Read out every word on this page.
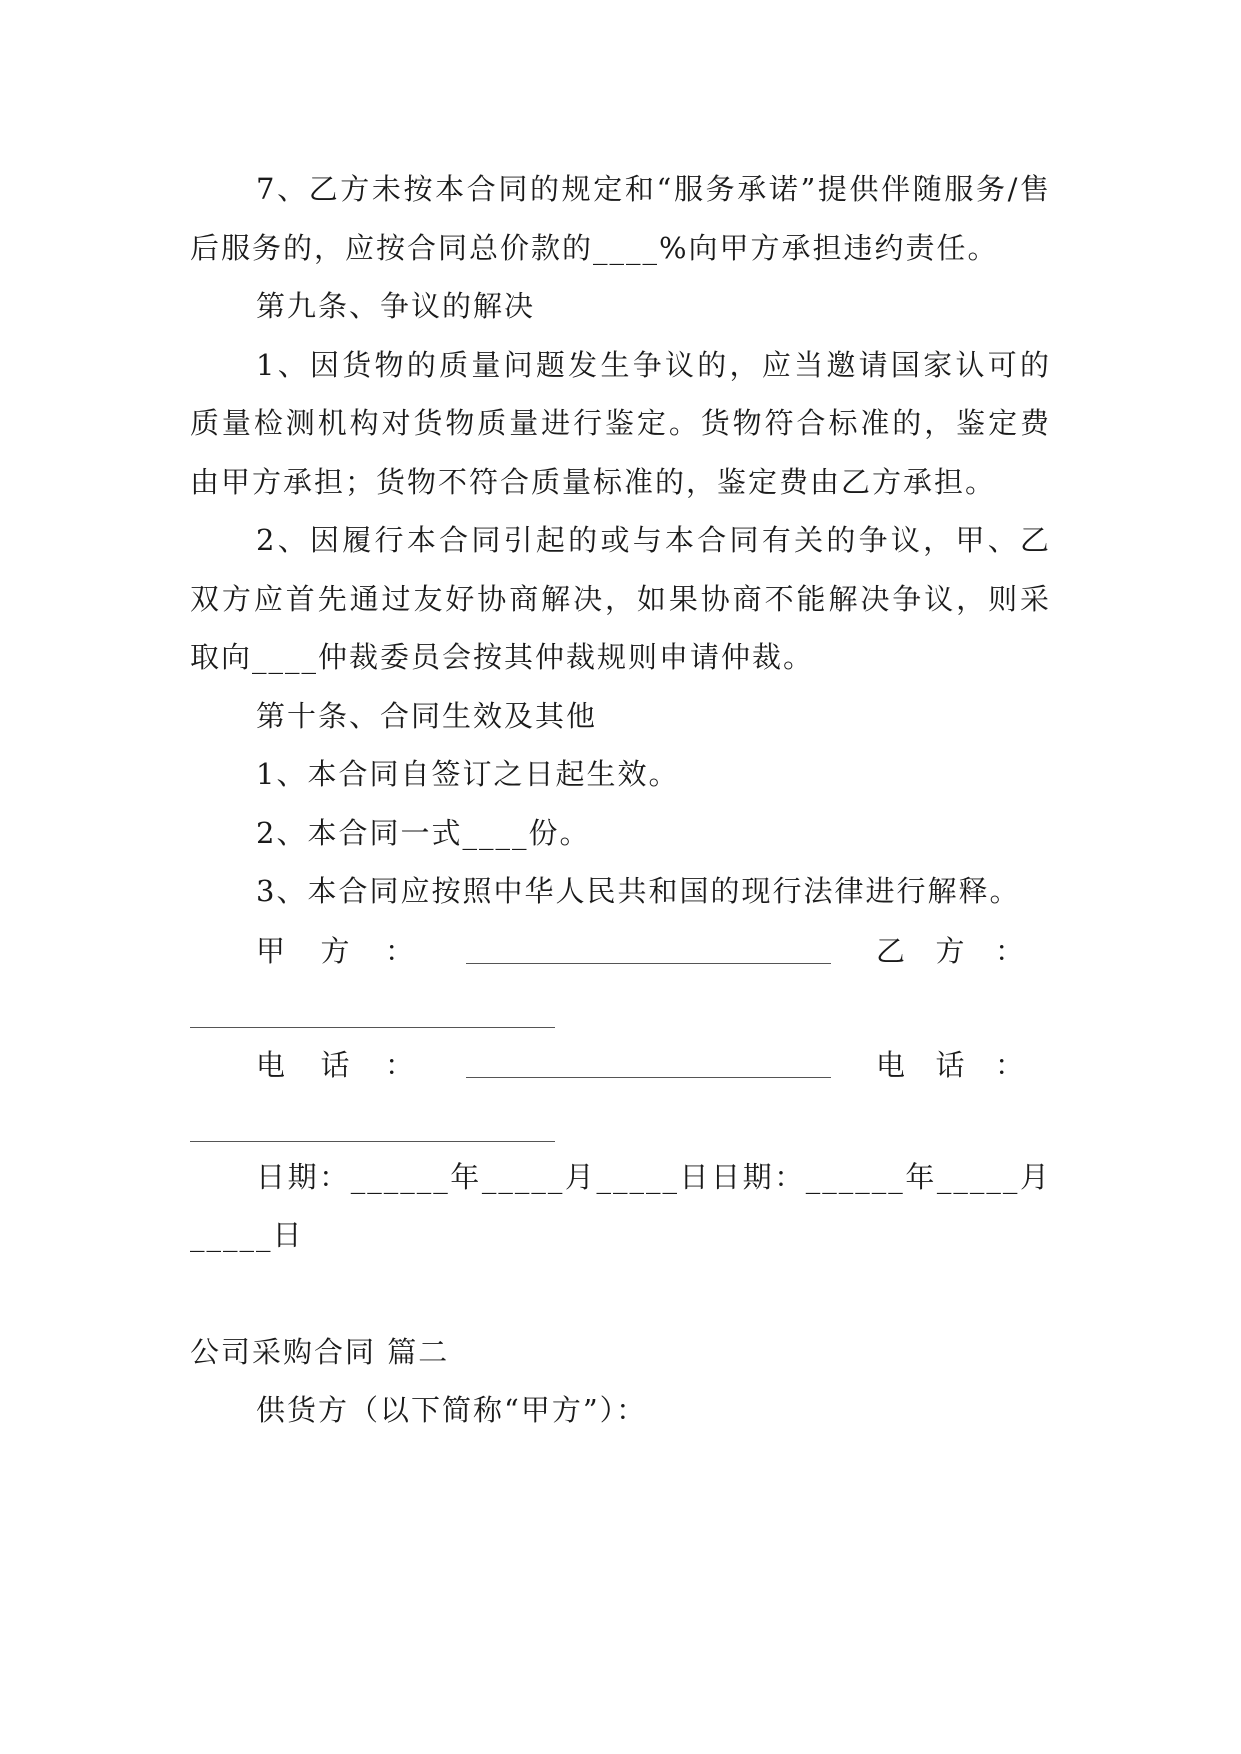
7、乙方未按本合同的规定和“服务承诺”提供伴随服务/售后服务的，应按合同总价款的____%向甲方承担违约责任。

第九条、争议的解决

1、因货物的质量问题发生争议的，应当邀请国家认可的质量检测机构对货物质量进行鉴定。货物符合标准的，鉴定费由甲方承担；货物不符合质量标准的，鉴定费由乙方承担。

2、因履行本合同引起的或与本合同有关的争议，甲、乙双方应首先通过友好协商解决，如果协商不能解决争议，则采取向____仲裁委员会按其仲裁规则申请仲裁。

第十条、合同生效及其他

1、本合同自签订之日起生效。

2、本合同一式____份。

3、本合同应按照中华人民共和国的现行法律进行解释。

甲 方 ：	乙 方 ：
电 话 ：	电 话 ：

日期：______年_____月_____日日期：______年_____月_____日

公司采购合同 篇二

供货方（以下简称“甲方”）：
